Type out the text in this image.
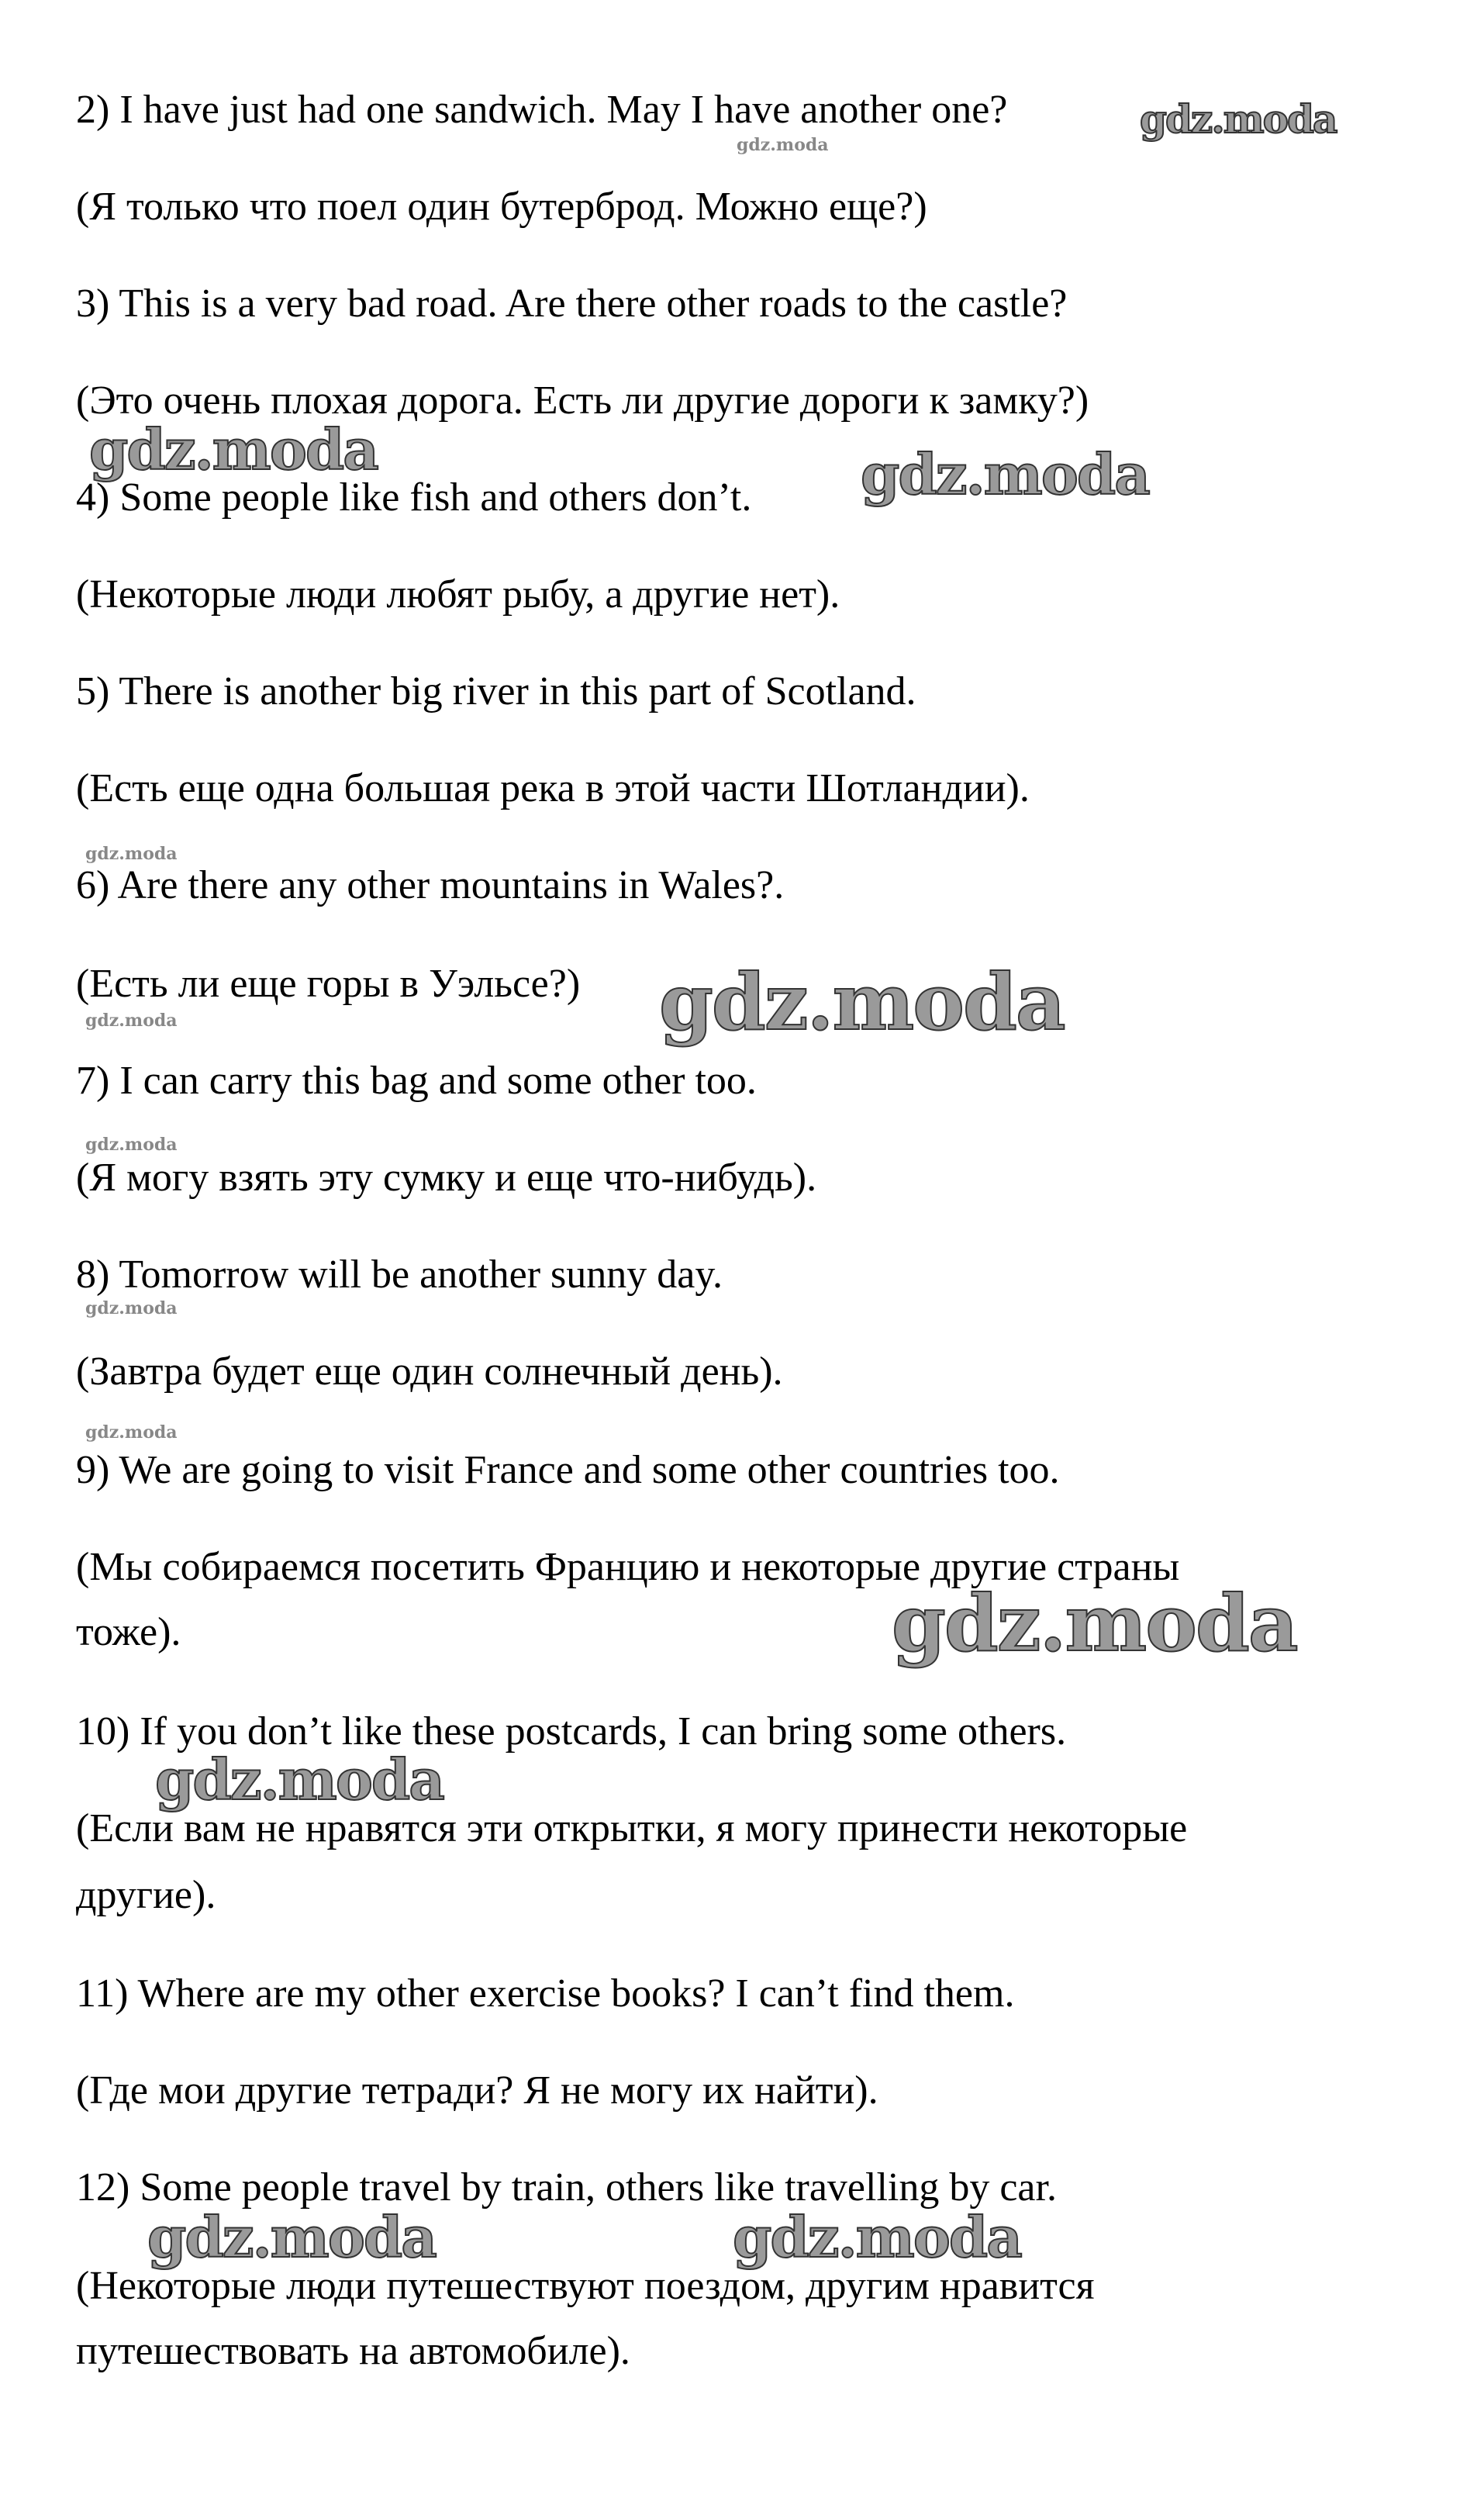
2) I have just had one sandwich. May I have another one?
(Я только что поел один бутерброд. Можно еще?)
3) This is a very bad road. Are there other roads to the castle?
(Это очень плохая дорога. Есть ли другие дороги к замку?)
4) Some people like fish and others don’t.
(Некоторые люди любят рыбу, а другие нет).
5) There is another big river in this part of Scotland.
(Есть еще одна большая река в этой части Шотландии).
6) Are there any other mountains in Wales?.
(Есть ли еще горы в Уэльсе?)
7) I can carry this bag and some other too.
(Я могу взять эту сумку и еще что-нибудь).
8) Tomorrow will be another sunny day.
(Завтра будет еще один солнечный день).
9) We are going to visit France and some other countries too.
(Мы собираемся посетить Францию и некоторые другие страны
тоже).
10) If you don’t like these postcards, I can bring some others.
(Если вам не нравятся эти открытки, я могу принести некоторые
другие).
11) Where are my other exercise books? I can’t find them.
(Где мои другие тетради? Я не могу их найти).
12) Some people travel by train, others like travelling by car.
(Некоторые люди путешествуют поездом, другим нравится
путешествовать на автомобиле).
gdz.moda
gdz.moda
gdz.moda	gdz.moda
gdz.moda
gdz.moda
gdz.moda
gdz.moda
gdz.moda
gdz.moda
gdz.moda
gdz.moda
gdz.moda	gdz.moda
